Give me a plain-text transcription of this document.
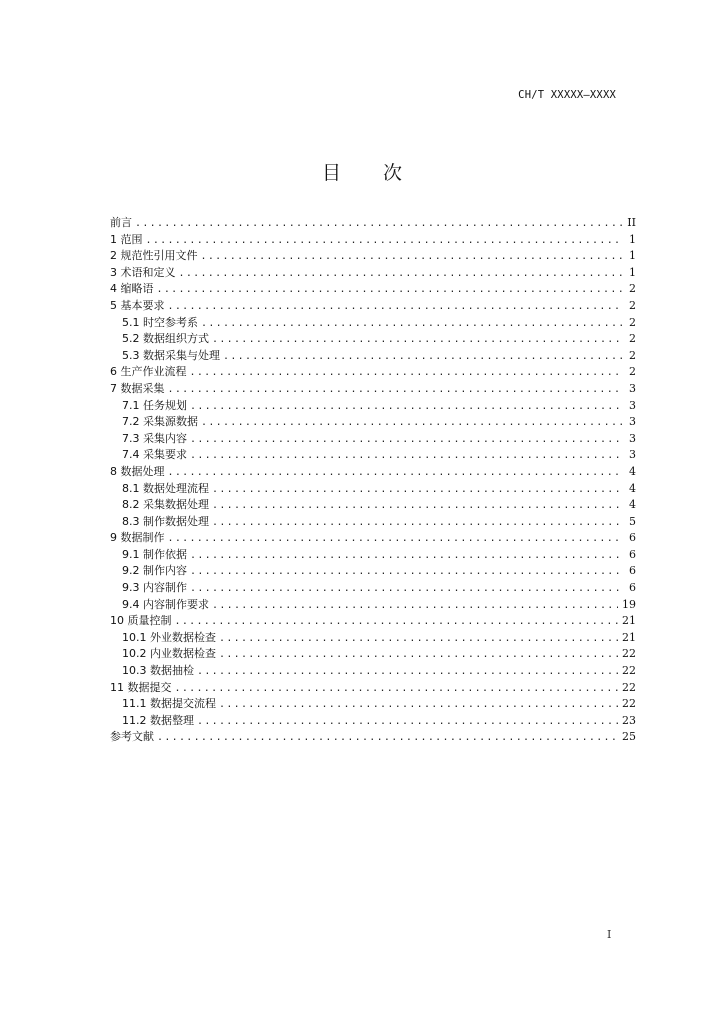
CH/T XXXXX—XXXX
目 次
前言 .....	II
1 范围 .....	1
2 规范性引用文件 .....	1
3 术语和定义 .....	1
4 缩略语 .....	2
5 基本要求 .....	2
5.1 时空参考系 .....	2
5.2 数据组织方式 .....	2
5.3 数据采集与处理 .....	2
6 生产作业流程 .....	2
7 数据采集 .....	3
7.1 任务规划 .....	3
7.2 采集源数据 .....	3
7.3 采集内容 .....	3
7.4 采集要求 .....	3
8 数据处理 .....	4
8.1 数据处理流程 .....	4
8.2 采集数据处理 .....	4
8.3 制作数据处理 .....	5
9 数据制作 .....	6
9.1 制作依据 .....	6
9.2 制作内容 .....	6
9.3 内容制作 .....	6
9.4 内容制作要求 .....	19
10 质量控制 .....	21
10.1 外业数据检查 .....	21
10.2 内业数据检查 .....	22
10.3 数据抽检 .....	22
11 数据提交 .....	22
11.1 数据提交流程 .....	22
11.2 数据整理 .....	23
参考文献 .....	25
I
